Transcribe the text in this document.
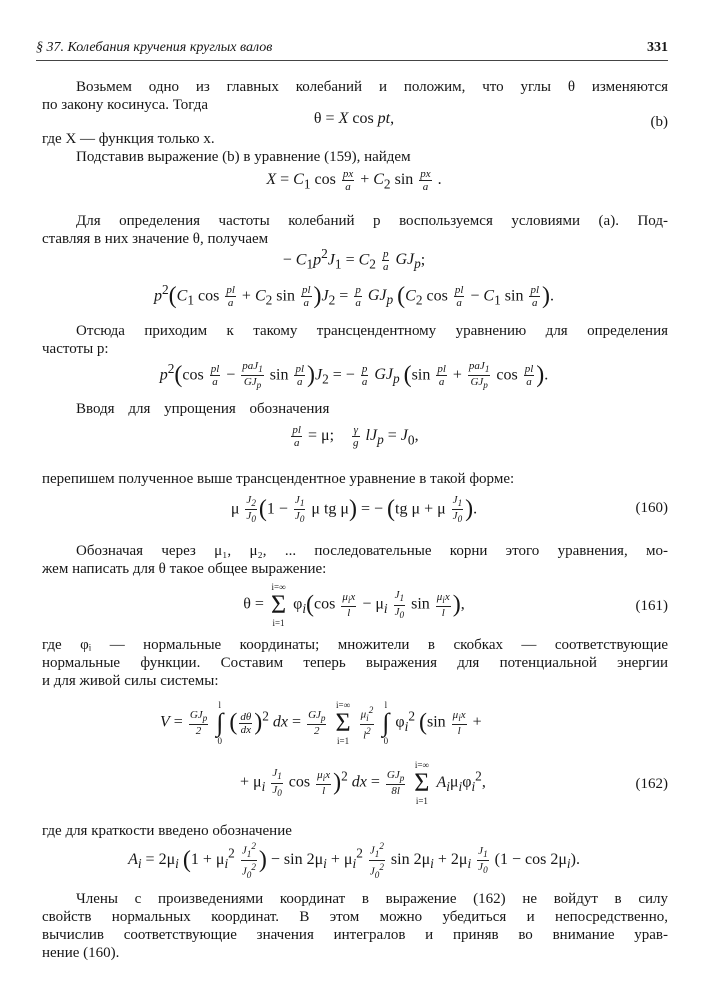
§ 37. Колебания кручения круглых валов	331
Возьмем одно из главных колебаний и положим, что углы θ изменяются
по закону косинуса. Тогда
θ = X cos pt,	(b)
где X — функция только x.
Подставив выражение (b) в уравнение (159), найдем
$X = C_1$ $\cos \frac{px}{a} + C_2$ $\sin \frac{px}{a}$ .
Для определения частоты колебаний p воспользуемся условиями (a). Под-
ставляя в них значение θ, получаем
− $C_1p^2J_1 = C_2 \frac{p}{a} GJ_p$;
$p^2(C_1$ $\cos \frac{pl}{a} + C_2$ $\sin \frac{pl}{a} )J_2 = \frac{p}{a} GJ_p$ ($C_2$ $\cos \frac{pl}{a} - C_1$ $\sin \frac{pl}{a}$ ).
Отсюда приходим к такому трансцендентному уравнению для определения
частоты p:
$p^2(\cos \frac{pl}{a}$ −
paJ$_1$
$GJ_p$
$\sin \frac{pl}{a} )J_2$ = − $\frac{p}{a} GJ_p$ ($\sin \frac{pl}{a}$ +
paJ$_1$
$GJ_p$
$\cos \frac{pl}{a}$ ).
Вводя для упрощения обозначения
$\frac{pl}{a} = \mu$; $\frac{\gamma}{g} lJ_p = J_0$,
перепишем полученное выше трансцендентное уравнение в такой форме:
μ $\frac{J_2}{J_0} (1 - \frac{J_1}{J_0}$ μ tg μ) = − (tg μ + μ $\frac{J_1}{J_0}$ ).	(160)
Обозначая через μ₁, μ₂, ... последовательные корни этого уравнения, мо-
жем написать для θ такое общее выражение:
θ = i=∞
Σ
i=1 $\varphi_i(\cos$ $\mu_ix$
l
− $\mu_i \frac{J_1}{J_0}$ $\sin \mu_ix$
l ),	(161)
где φᵢ — нормальные координаты; множители в скобках — соответствующие
нормальные функции. Составим теперь выражения для потенциальной энергии
и для живой силы системы:
$V = GJ_p$
2
l
∫
0 ( $\frac{d\theta}{dx} )^2$ dx = $GJ_p$
2
i=∞
Σ
$i=1 \frac{\mu_i^2}{l^2}$ l
∫
0 $\varphi_i^2$ (sin $\mu_ix$
l
+
+ $\mu_i \frac{J_1}{J_0}$ $\cos \mu_ix$
l )$^2$ dx = $GJ_p$
8l
i=∞
Σ
i=1 $A_i\mu_i\varphi_i^2$,	(162)
где для краткости введено обозначение
$A_i = 2\mu_i$ ($1 + \mu_i^2 \frac{J_1^2}{J_0^2}$ ) − $\sin 2\mu_i + \mu_i^2 \frac{J_1^2}{J_0^2}$ $\sin 2\mu_i + 2\mu_i \frac{J_1}{J_0} (1 - \cos 2\mu_i)$.
Члены с произведениями координат в выражение (162) не войдут в силу
свойств нормальных координат. В этом можно убедиться и непосредственно,
вычислив соответствующие значения интегралов и приняв во внимание урав-
нение (160).
